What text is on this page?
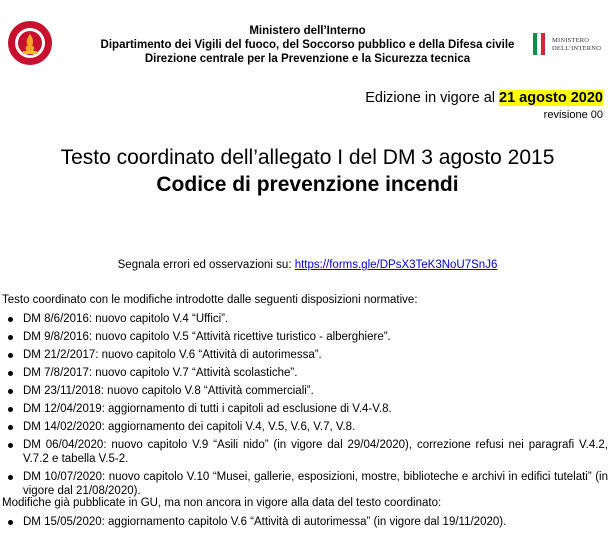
Ministero dell’Interno
Dipartimento dei Vigili del fuoco, del Soccorso pubblico e della Difesa civile
Direzione centrale per la Prevenzione e la Sicurezza tecnica
MINISTERO
DELL’INTERNO
Edizione in vigore al 21 agosto 2020
revisione 00
Testo coordinato dell’allegato I del DM 3 agosto 2015
Codice di prevenzione incendi
Segnala errori ed osservazioni su: https://forms.gle/DPsX3TeK3NoU7SnJ6
Testo coordinato con le modifiche introdotte dalle seguenti disposizioni normative:
DM 8/6/2016: nuovo capitolo V.4 “Uffici”.
DM 9/8/2016: nuovo capitolo V.5 “Attività ricettive turistico - alberghiere”.
DM 21/2/2017: nuovo capitolo V.6 “Attività di autorimessa”.
DM 7/8/2017: nuovo capitolo V.7 “Attività scolastiche”.
DM 23/11/2018: nuovo capitolo V.8 “Attività commerciali”.
DM 12/04/2019: aggiornamento di tutti i capitoli ad esclusione di V.4-V.8.
DM 14/02/2020: aggiornamento dei capitoli V.4, V.5, V.6, V.7, V.8.
DM 06/04/2020: nuovo capitolo V.9 “Asili nido” (in vigore dal 29/04/2020), correzione refusi nei paragrafi V.4.2, V.7.2 e tabella V.5-2.
DM 10/07/2020: nuovo capitolo V.10 “Musei, gallerie, esposizioni, mostre, biblioteche e archivi in edifici tutelati” (in vigore dal 21/08/2020).
Modifiche già pubblicate in GU, ma non ancora in vigore alla data del testo coordinato:
DM 15/05/2020: aggiornamento capitolo V.6 “Attività di autorimessa” (in vigore dal 19/11/2020).
